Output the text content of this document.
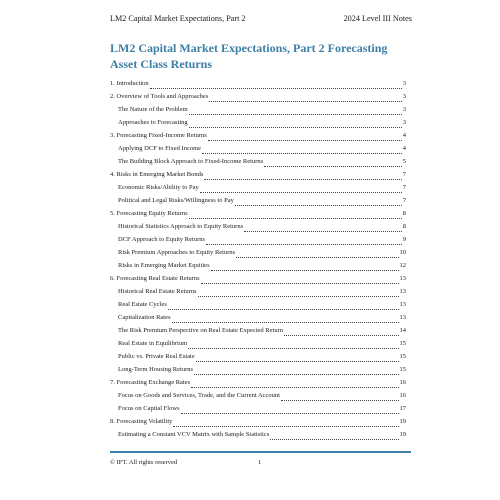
LM2 Capital Market Expectations, Part 2	2024 Level III Notes
LM2 Capital Market Expectations, Part 2 Forecasting Asset Class Returns
1. Introduction	3
2. Overview of Tools and Approaches	3
The Nature of the Problem	3
Approaches to Forecasting	3
3. Forecasting Fixed-Income Returns	4
Applying DCF to Fixed Income	4
The Building Block Approach to Fixed-Income Returns	5
4. Risks in Emerging Market Bonds	7
Economic Risks/Ability to Pay	7
Political and Legal Risks/Willingness to Pay	7
5. Forecasting Equity Returns	8
Historical Statistics Approach to Equity Returns	8
DCF Approach to Equity Returns	9
Risk Premium Approaches to Equity Returns	10
Risks in Emerging Market Equities	12
6. Forecasting Real Estate Returns	13
Historical Real Estate Returns	13
Real Estate Cycles	13
Capitalization Rates	13
The Risk Premium Perspective on Real Estate Expected Return	14
Real Estate in Equilibrium	15
Public vs. Private Real Estate	15
Long-Term Housing Returns	15
7. Forecasting Exchange Rates	16
Focus on Goods and Services, Trade, and the Current Account	16
Focus on Capital Flows	17
8. Forecasting Volatility	19
Estimating a Constant VCV Matrix with Sample Statistics	19
© IFT. All rights reserved	1
